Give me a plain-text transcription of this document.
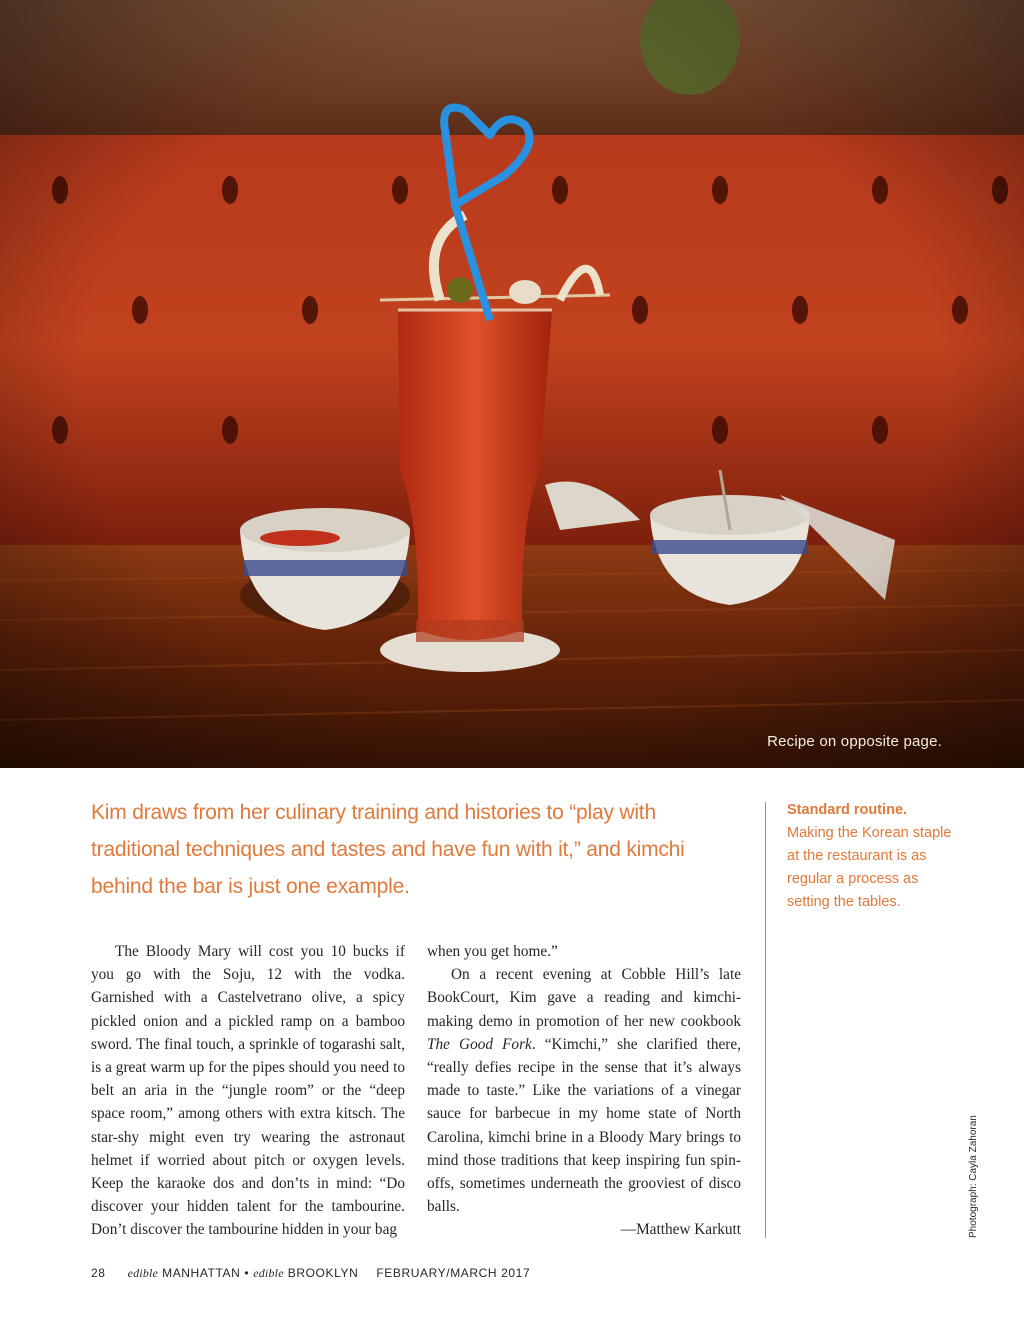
Recipe on opposite page.
Kim draws from her culinary training and histories to “play with traditional techniques and tastes and have fun with it,” and kimchi behind the bar is just one example.
Standard routine.
Making the Korean staple at the restaurant is as regular a process as setting the tables.

The Bloody Mary will cost you 10 bucks if you go with the Soju, 12 with the vodka. Garnished with a Castelvetrano olive, a spicy pickled onion and a pickled ramp on a bamboo sword. The final touch, a sprinkle of togarashi salt, is a great warm up for the pipes should you need to belt an aria in the “jungle room” or the “deep space room,” among others with extra kitsch. The star-shy might even try wearing the astronaut helmet if worried about pitch or oxygen levels. Keep the karaoke dos and don’ts in mind: “Do discover your hidden talent for the tambourine. Don’t discover the tambourine hidden in your bag

when you get home.”

On a recent evening at Cobble Hill’s late BookCourt, Kim gave a reading and kimchi-making demo in promotion of her new cookbook The Good Fork. “Kimchi,” she clarified there, “really defies recipe in the sense that it’s always made to taste.” Like the variations of a vinegar sauce for barbecue in my home state of North Carolina, kimchi brine in a Bloody Mary brings to mind those traditions that keep inspiring fun spin-offs, sometimes underneath the grooviest of disco balls.

—Matthew Karkutt	Photograph: Cayla Zahoran
28 edible MANHATTAN • edible BROOKLYN FEBRUARY/MARCH 2017
